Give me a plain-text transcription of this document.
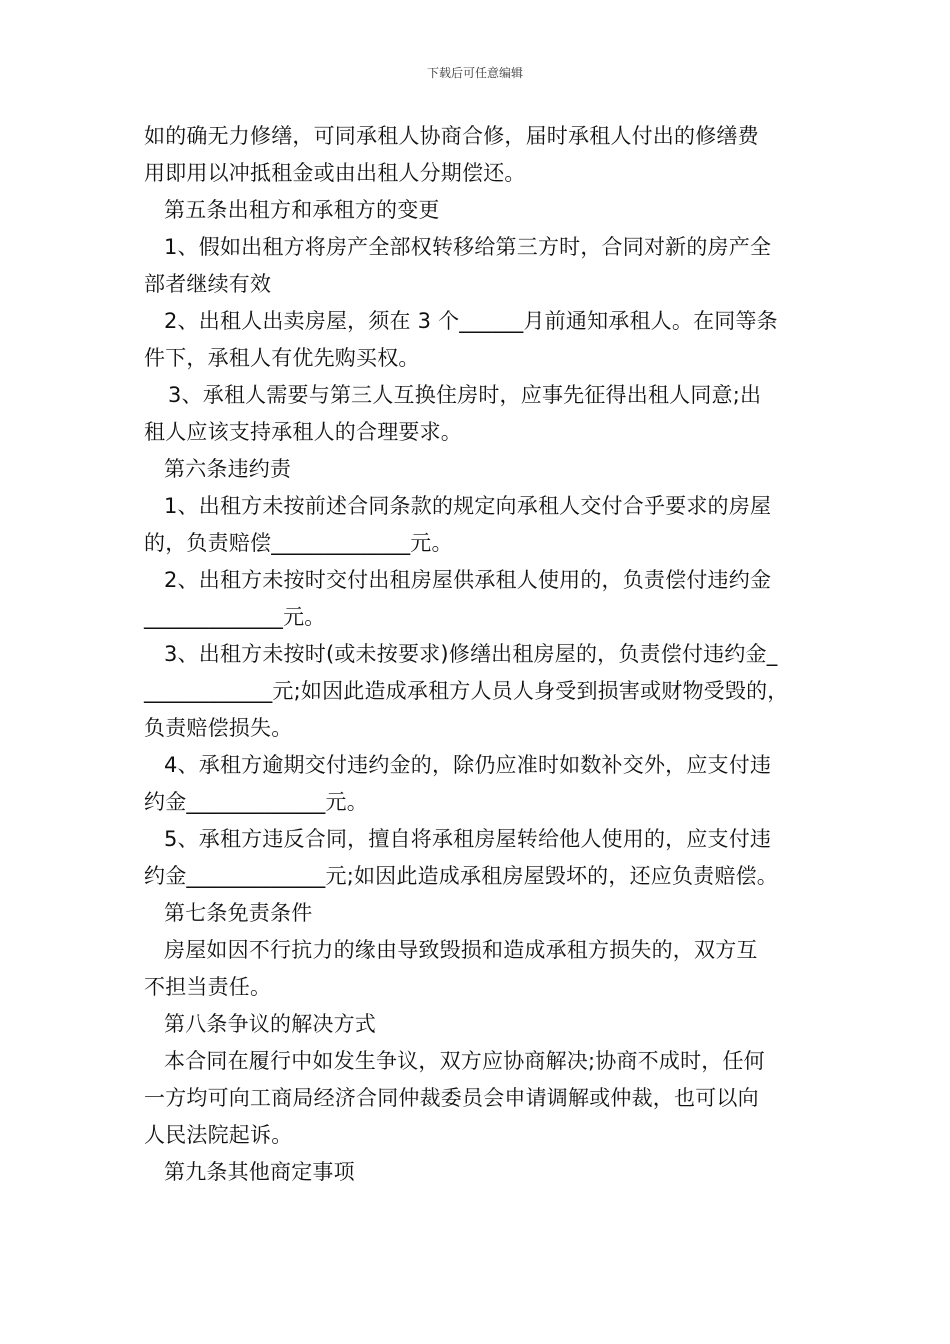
下载后可任意编辑
如的确无力修缮，可同承租人协商合修，届时承租人付出的修缮费
用即用以冲抵租金或由出租人分期偿还。
第五条出租方和承租方的变更
1、假如出租方将房产全部权转移给第三方时，合同对新的房产全
部者继续有效
2、出租人出卖房屋，须在 3 个______月前通知承租人。在同等条
件下，承租人有优先购买权。
3、承租人需要与第三人互换住房时，应事先征得出租人同意;出
租人应该支持承租人的合理要求。
第六条违约责
1、出租方未按前述合同条款的规定向承租人交付合乎要求的房屋
的，负责赔偿_____________元。
2、出租方未按时交付出租房屋供承租人使用的，负责偿付违约金
_____________元。
3、出租方未按时(或未按要求)修缮出租房屋的，负责偿付违约金_
____________元;如因此造成承租方人员人身受到损害或财物受毁的，
负责赔偿损失。
4、承租方逾期交付违约金的，除仍应准时如数补交外，应支付违
约金_____________元。
5、承租方违反合同，擅自将承租房屋转给他人使用的，应支付违
约金_____________元;如因此造成承租房屋毁坏的，还应负责赔偿。
第七条免责条件
房屋如因不行抗力的缘由导致毁损和造成承租方损失的，双方互
不担当责任。
第八条争议的解决方式
本合同在履行中如发生争议，双方应协商解决;协商不成时，任何
一方均可向工商局经济合同仲裁委员会申请调解或仲裁，也可以向
人民法院起诉。
第九条其他商定事项
